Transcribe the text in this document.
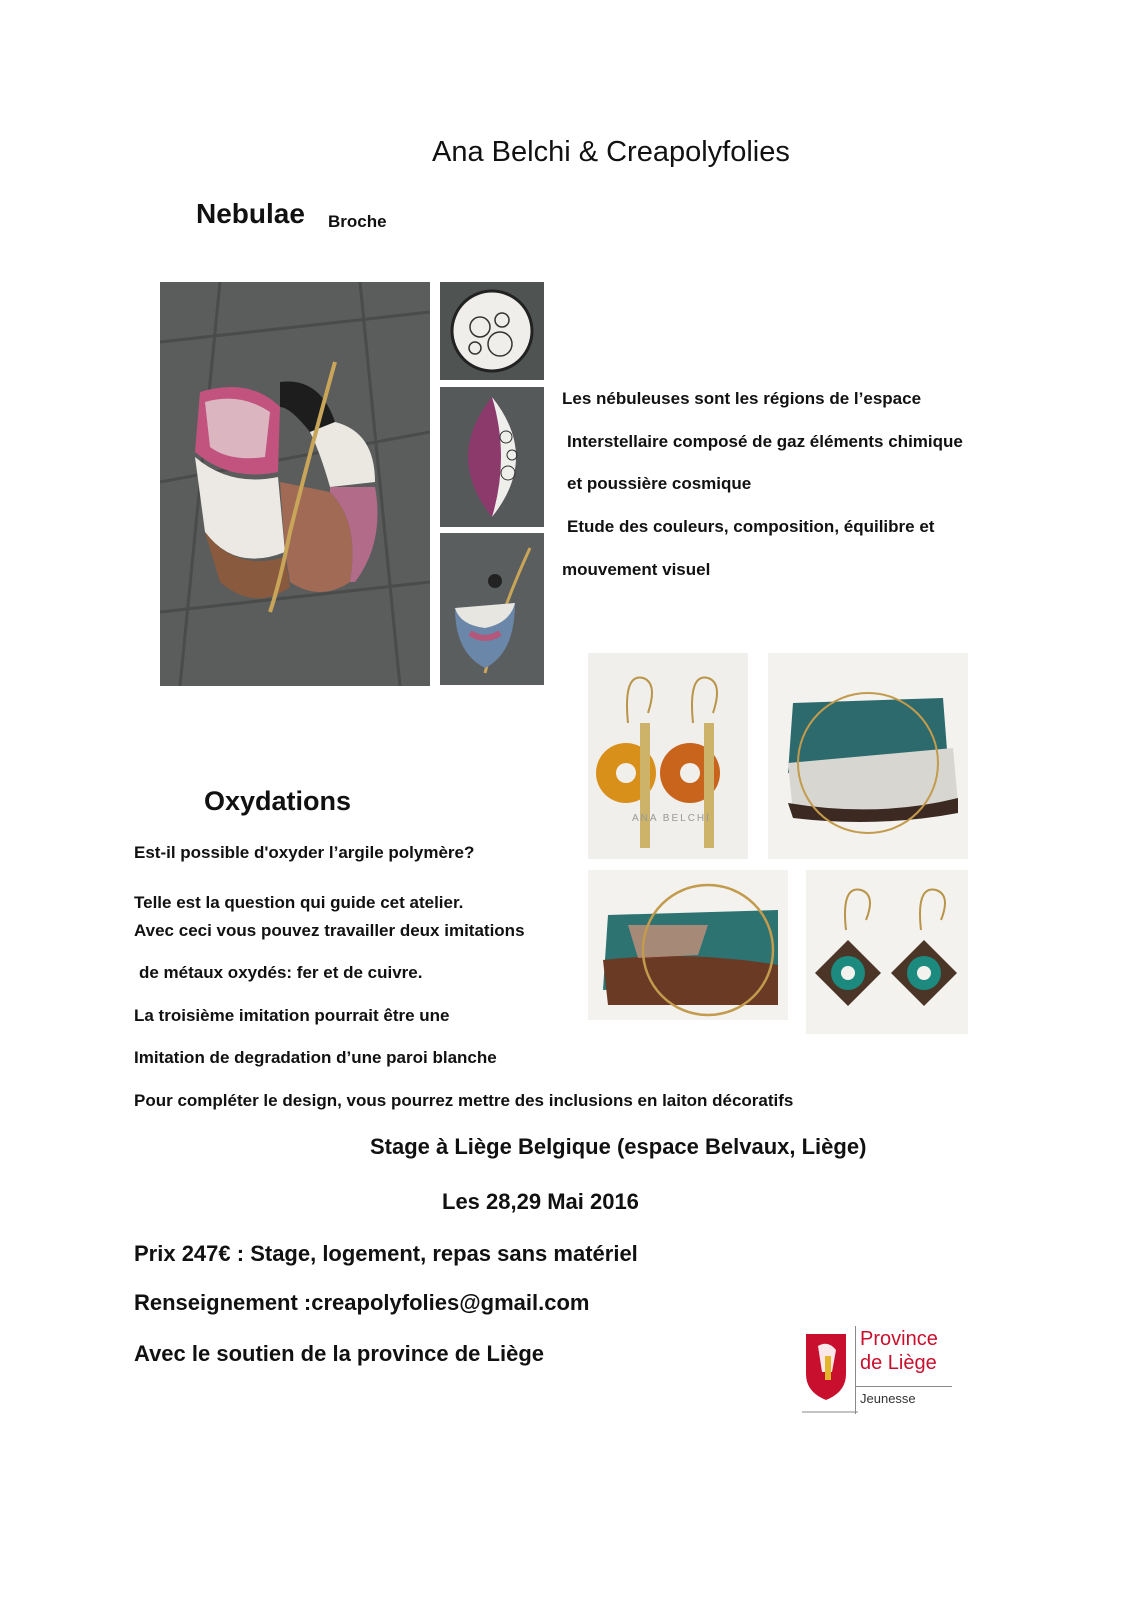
Ana Belchi & Creapolyfolies
Nebulae Broche
Les nébuleuses sont les régions de l’espace
Interstellaire composé de gaz éléments chimique
et poussière cosmique
Etude des couleurs, composition, équilibre et
mouvement visuel
ANA BELCHI
Oxydations
Est-il possible d'oxyder l’argile polymère?
Telle est la question qui guide cet atelier.
Avec ceci vous pouvez travailler deux imitations
de métaux oxydés: fer et de cuivre.
La troisième imitation pourrait être une
Imitation de degradation d’une paroi blanche
Pour compléter le design, vous pourrez mettre des inclusions en laiton décoratifs
Stage à Liège Belgique (espace Belvaux, Liège)
Les 28,29 Mai 2016
Prix 247€ : Stage, logement, repas sans matériel
Renseignement :creapolyfolies@gmail.com
Avec le soutien de la province de Liège
Province
de Liège
Jeunesse
